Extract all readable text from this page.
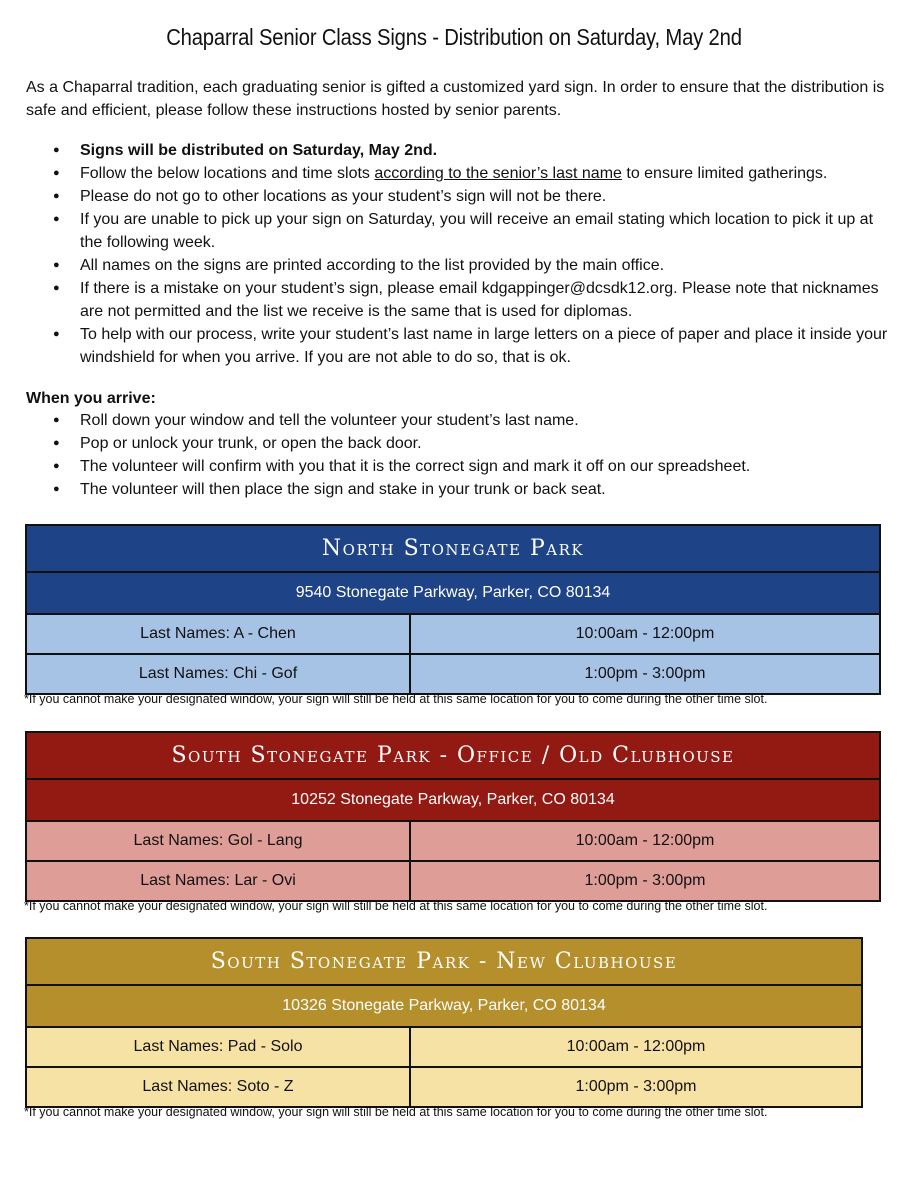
Chaparral Senior Class Signs - Distribution on Saturday, May 2nd
As a Chaparral tradition, each graduating senior is gifted a customized yard sign. In order to ensure that the distribution is safe and efficient, please follow these instructions hosted by senior parents.
● Signs will be distributed on Saturday, May 2nd.
● Follow the below locations and time slots according to the senior’s last name to ensure limited gatherings.
● Please do not go to other locations as your student’s sign will not be there.
● If you are unable to pick up your sign on Saturday, you will receive an email stating which location to pick it up at the following week.
● All names on the signs are printed according to the list provided by the main office.
● If there is a mistake on your student’s sign, please email kdgappinger@dcsdk12.org. Please note that nicknames are not permitted and the list we receive is the same that is used for diplomas.
● To help with our process, write your student’s last name in large letters on a piece of paper and place it inside your windshield for when you arrive. If you are not able to do so, that is ok.
When you arrive:
● Roll down your window and tell the volunteer your student’s last name.
● Pop or unlock your trunk, or open the back door.
● The volunteer will confirm with you that it is the correct sign and mark it off on our spreadsheet.
● The volunteer will then place the sign and stake in your trunk or back seat.
North Stonegate Park
9540 Stonegate Parkway, Parker, CO 80134
Last Names: A - Chen	10:00am - 12:00pm
Last Names: Chi - Gof	1:00pm - 3:00pm
*If you cannot make your designated window, your sign will still be held at this same location for you to come during the other time slot.
South Stonegate Park - Office / Old Clubhouse
10252 Stonegate Parkway, Parker, CO 80134
Last Names: Gol - Lang	10:00am - 12:00pm
Last Names: Lar - Ovi	1:00pm - 3:00pm
*If you cannot make your designated window, your sign will still be held at this same location for you to come during the other time slot.
South Stonegate Park - New Clubhouse
10326 Stonegate Parkway, Parker, CO 80134
Last Names: Pad - Solo	10:00am - 12:00pm
Last Names: Soto - Z	1:00pm - 3:00pm
*If you cannot make your designated window, your sign will still be held at this same location for you to come during the other time slot.
